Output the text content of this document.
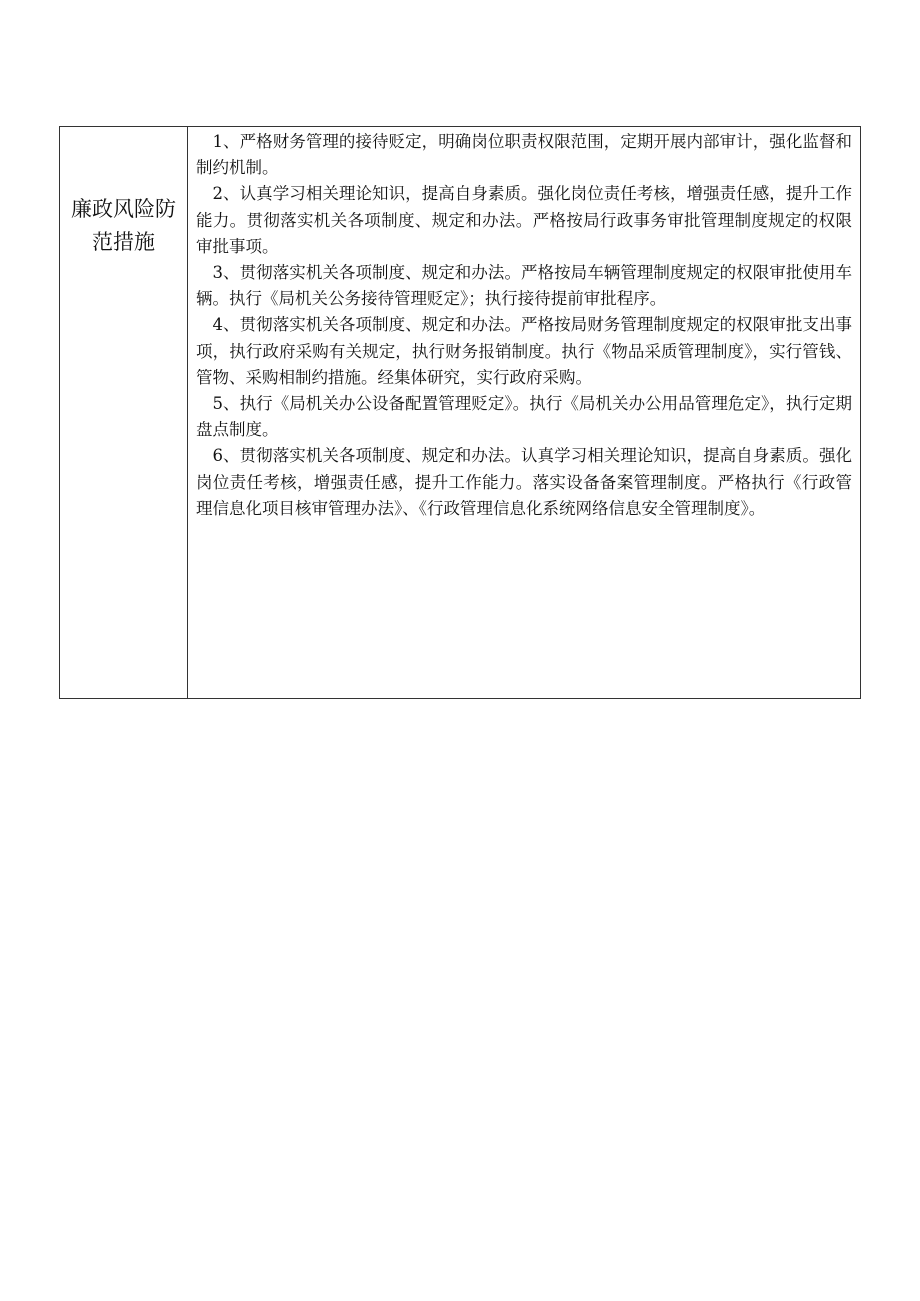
廉政风险防
范措施

1、严格财务管理的接待贬定，明确岗位职责权限范围，定期开展内部审计，强化监督和制约机制。

2、认真学习相关理论知识，提高自身素质。强化岗位责任考核，增强责任感，提升工作能力。贯彻落实机关各项制度、规定和办法。严格按局行政事务审批管理制度规定的权限审批事项。

3、贯彻落实机关各项制度、规定和办法。严格按局车辆管理制度规定的权限审批使用车辆。执行《局机关公务接待管理贬定》；执行接待提前审批程序。

4、贯彻落实机关各项制度、规定和办法。严格按局财务管理制度规定的权限审批支出事项，执行政府采购有关规定，执行财务报销制度。执行《物品采质管理制度》，实行管钱、管物、采购相制约措施。经集体研究，实行政府采购。

5、执行《局机关办公设备配置管理贬定》。执行《局机关办公用品管理危定》，执行定期盘点制度。

6、贯彻落实机关各项制度、规定和办法。认真学习相关理论知识，提高自身素质。强化岗位责任考核，增强责任感，提升工作能力。落实设备备案管理制度。严格执行《行政管理信息化项目核审管理办法》、《行政管理信息化系统网络信息安全管理制度》。
